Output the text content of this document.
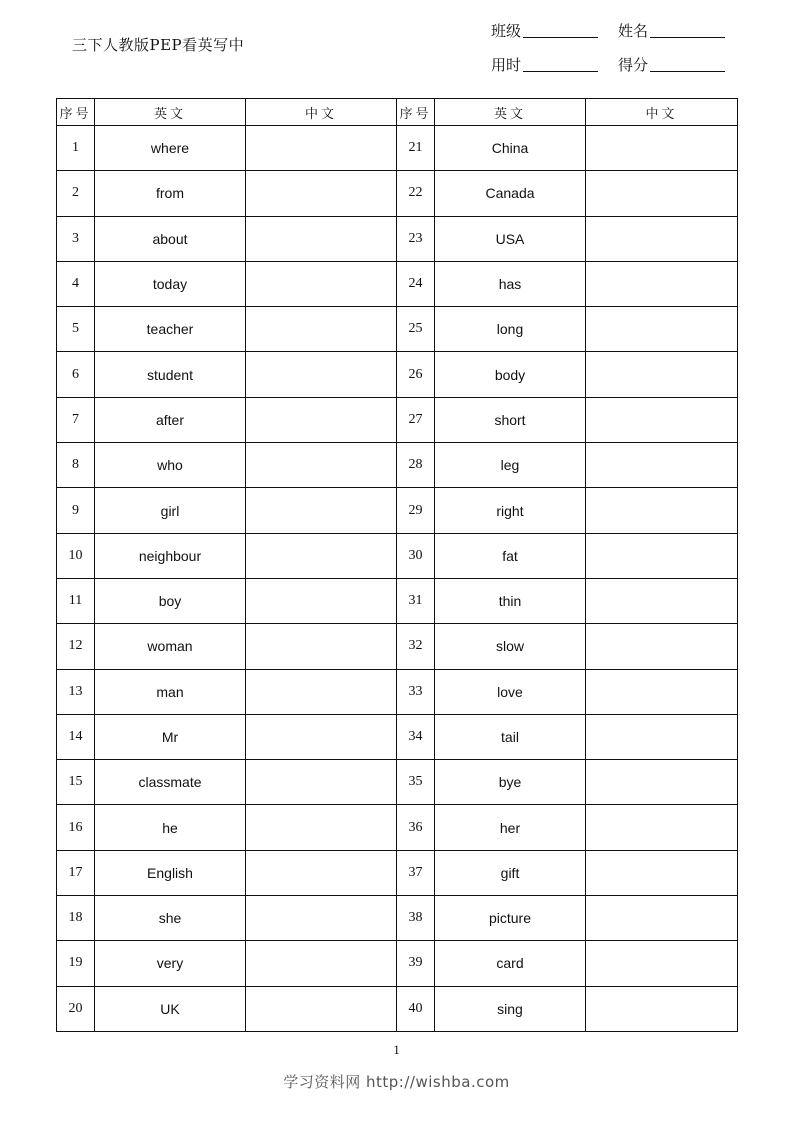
三下人教版PEP看英写中
班级	姓名
用时	得分
序号	英文	中文	序号	英文	中文
1	where		21	China	
2	from		22	Canada	
3	about		23	USA	
4	today		24	has	
5	teacher		25	long	
6	student		26	body	
7	after		27	short	
8	who		28	leg	
9	girl		29	right	
10	neighbour		30	fat	
11	boy		31	thin	
12	woman		32	slow	
13	man		33	love	
14	Mr		34	tail	
15	classmate		35	bye	
16	he		36	her	
17	English		37	gift	
18	she		38	picture	
19	very		39	card	
20	UK		40	sing	
1
学习资料网 http://wishba.com
